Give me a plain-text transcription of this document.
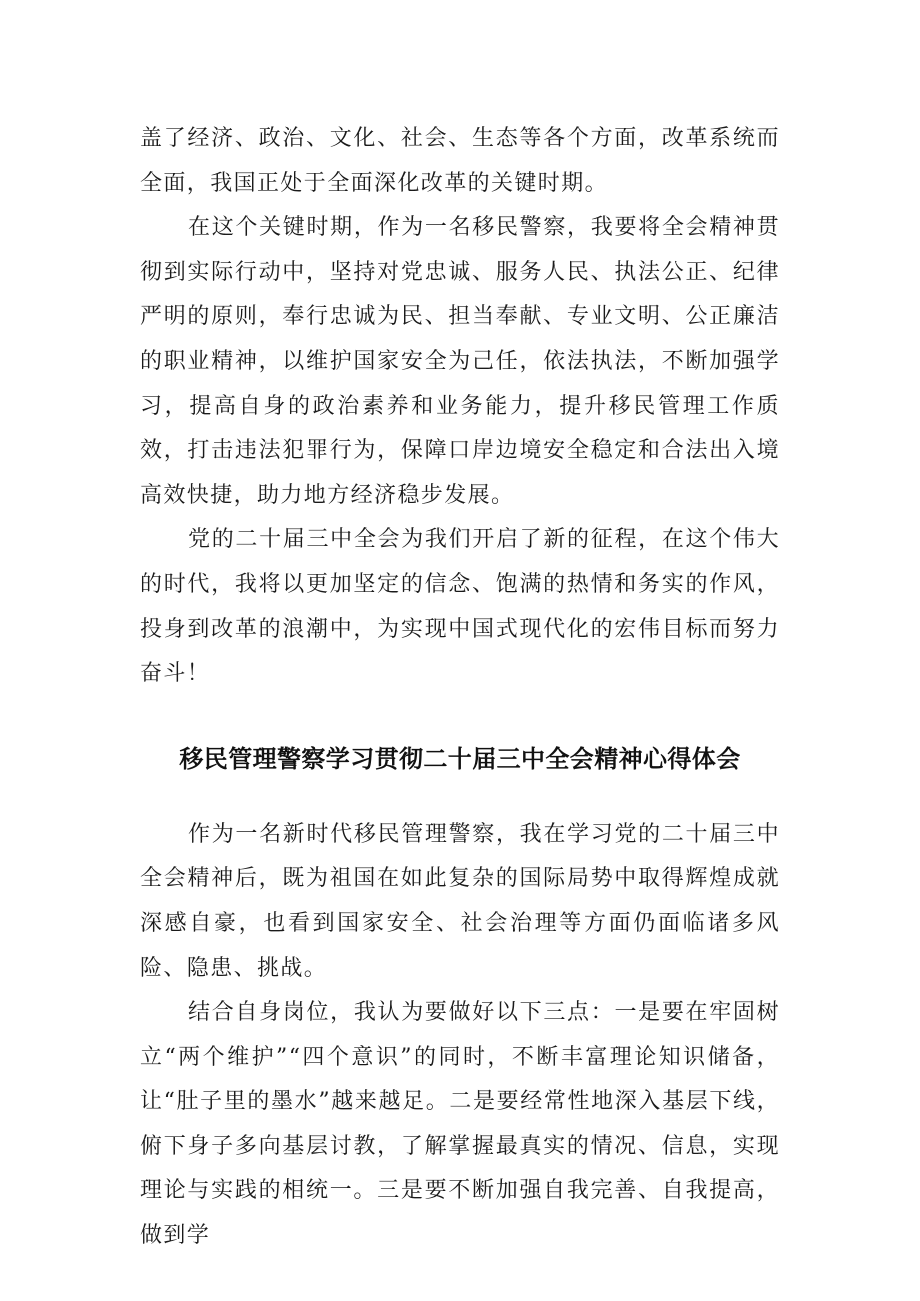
盖了经济、政治、文化、社会、生态等各个方面，改革系统而全面，我国正处于全面深化改革的关键时期。

在这个关键时期，作为一名移民警察，我要将全会精神贯彻到实际行动中，坚持对党忠诚、服务人民、执法公正、纪律严明的原则，奉行忠诚为民、担当奉献、专业文明、公正廉洁的职业精神，以维护国家安全为己任，依法执法，不断加强学习，提高自身的政治素养和业务能力，提升移民管理工作质效，打击违法犯罪行为，保障口岸边境安全稳定和合法出入境高效快捷，助力地方经济稳步发展。

党的二十届三中全会为我们开启了新的征程，在这个伟大的时代，我将以更加坚定的信念、饱满的热情和务实的作风，投身到改革的浪潮中，为实现中国式现代化的宏伟目标而努力奋斗！

移民管理警察学习贯彻二十届三中全会精神心得体会

作为一名新时代移民管理警察，我在学习党的二十届三中全会精神后，既为祖国在如此复杂的国际局势中取得辉煌成就深感自豪，也看到国家安全、社会治理等方面仍面临诸多风险、隐患、挑战。

结合自身岗位，我认为要做好以下三点：一是要在牢固树立“两个维护”“四个意识”的同时，不断丰富理论知识储备，让“肚子里的墨水”越来越足。二是要经常性地深入基层下线，俯下身子多向基层讨教，了解掌握最真实的情况、信息，实现理论与实践的相统一。三是要不断加强自我完善、自我提高，做到学
